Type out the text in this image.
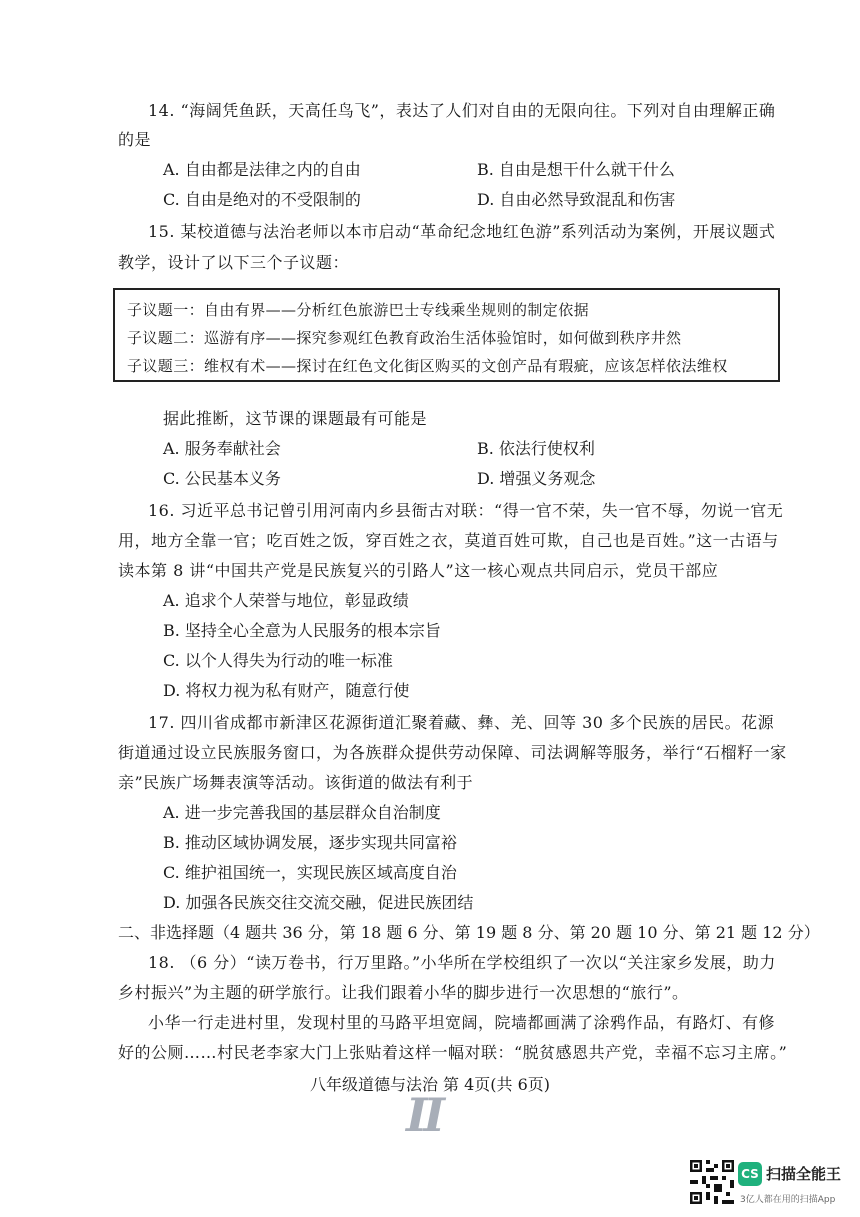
14. “海阔凭鱼跃，天高任鸟飞”，表达了人们对自由的无限向往。下列对自由理解正确
的是
A. 自由都是法律之内的自由	B. 自由是想干什么就干什么
C. 自由是绝对的不受限制的	D. 自由必然导致混乱和伤害
15. 某校道德与法治老师以本市启动“革命纪念地红色游”系列活动为案例，开展议题式
教学，设计了以下三个子议题：
子议题一：自由有界——分析红色旅游巴士专线乘坐规则的制定依据
子议题二：巡游有序——探究参观红色教育政治生活体验馆时，如何做到秩序井然
子议题三：维权有术——探讨在红色文化街区购买的文创产品有瑕疵，应该怎样依法维权
据此推断，这节课的课题最有可能是
A. 服务奉献社会	B. 依法行使权利
C. 公民基本义务	D. 增强义务观念
16. 习近平总书记曾引用河南内乡县衙古对联：“得一官不荣，失一官不辱，勿说一官无
用，地方全靠一官；吃百姓之饭，穿百姓之衣，莫道百姓可欺，自己也是百姓。”这一古语与
读本第 8 讲“中国共产党是民族复兴的引路人”这一核心观点共同启示，党员干部应
A. 追求个人荣誉与地位，彰显政绩
B. 坚持全心全意为人民服务的根本宗旨
C. 以个人得失为行动的唯一标准
D. 将权力视为私有财产，随意行使
17. 四川省成都市新津区花源街道汇聚着藏、彝、羌、回等 30 多个民族的居民。花源
街道通过设立民族服务窗口，为各族群众提供劳动保障、司法调解等服务，举行“石榴籽一家
亲”民族广场舞表演等活动。该街道的做法有利于
A. 进一步完善我国的基层群众自治制度
B. 推动区域协调发展，逐步实现共同富裕
C. 维护祖国统一，实现民族区域高度自治
D. 加强各民族交往交流交融，促进民族团结
二、非选择题（4 题共 36 分，第 18 题 6 分、第 19 题 8 分、第 20 题 10 分、第 21 题 12 分）
18. （6 分）“读万卷书，行万里路。”小华所在学校组织了一次以“关注家乡发展，助力
乡村振兴”为主题的研学旅行。让我们跟着小华的脚步进行一次思想的“旅行”。
小华一行走进村里，发现村里的马路平坦宽阔，院墙都画满了涂鸦作品，有路灯、有修
好的公厕……村民老李家大门上张贴着这样一幅对联：“脱贫感恩共产党，幸福不忘习主席。”
八年级道德与法治 第 4页(共 6页)
II
CS 扫描全能王
3亿人都在用的扫描App
